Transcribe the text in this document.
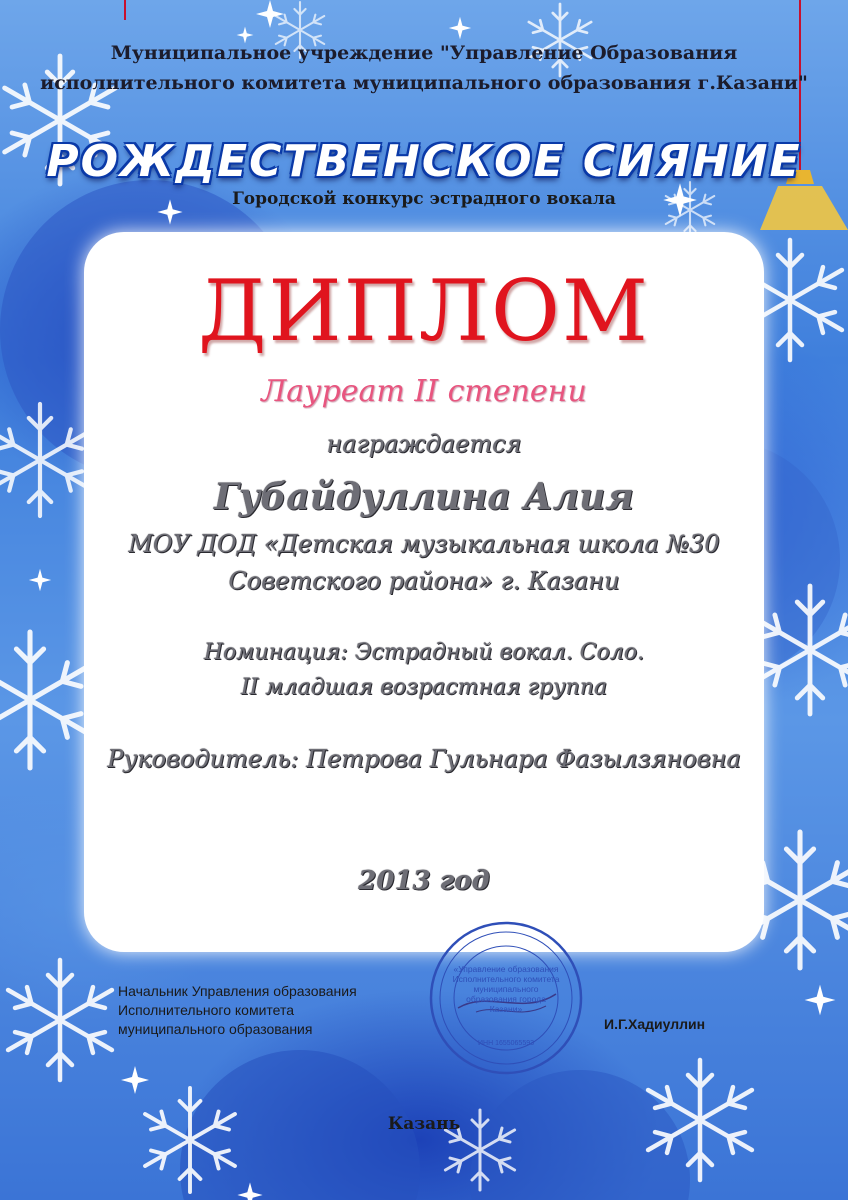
Муниципальное учреждение "Управление Образования
исполнительного комитета муниципального образования г.Казани"
РОЖДЕСТВЕНСКОЕ СИЯНИЕ
Городской конкурс эстрадного вокала
ДИПЛОМ
Лауреат II степени
награждается
Губайдуллина Алия
МОУ ДОД «Детская музыкальная школа №30
Советского района» г. Казани
Номинация: Эстрадный вокал. Соло.
II младшая возрастная группа
Руководитель: Петрова Гульнара Фазылзяновна
2013 год
Начальник Управления образования
Исполнительного комитета
муниципального образования
«Управление образования Исполнительного комитета муниципального образования города Казани»
ИНН 1655065593
И.Г.Хадиуллин
Казань
